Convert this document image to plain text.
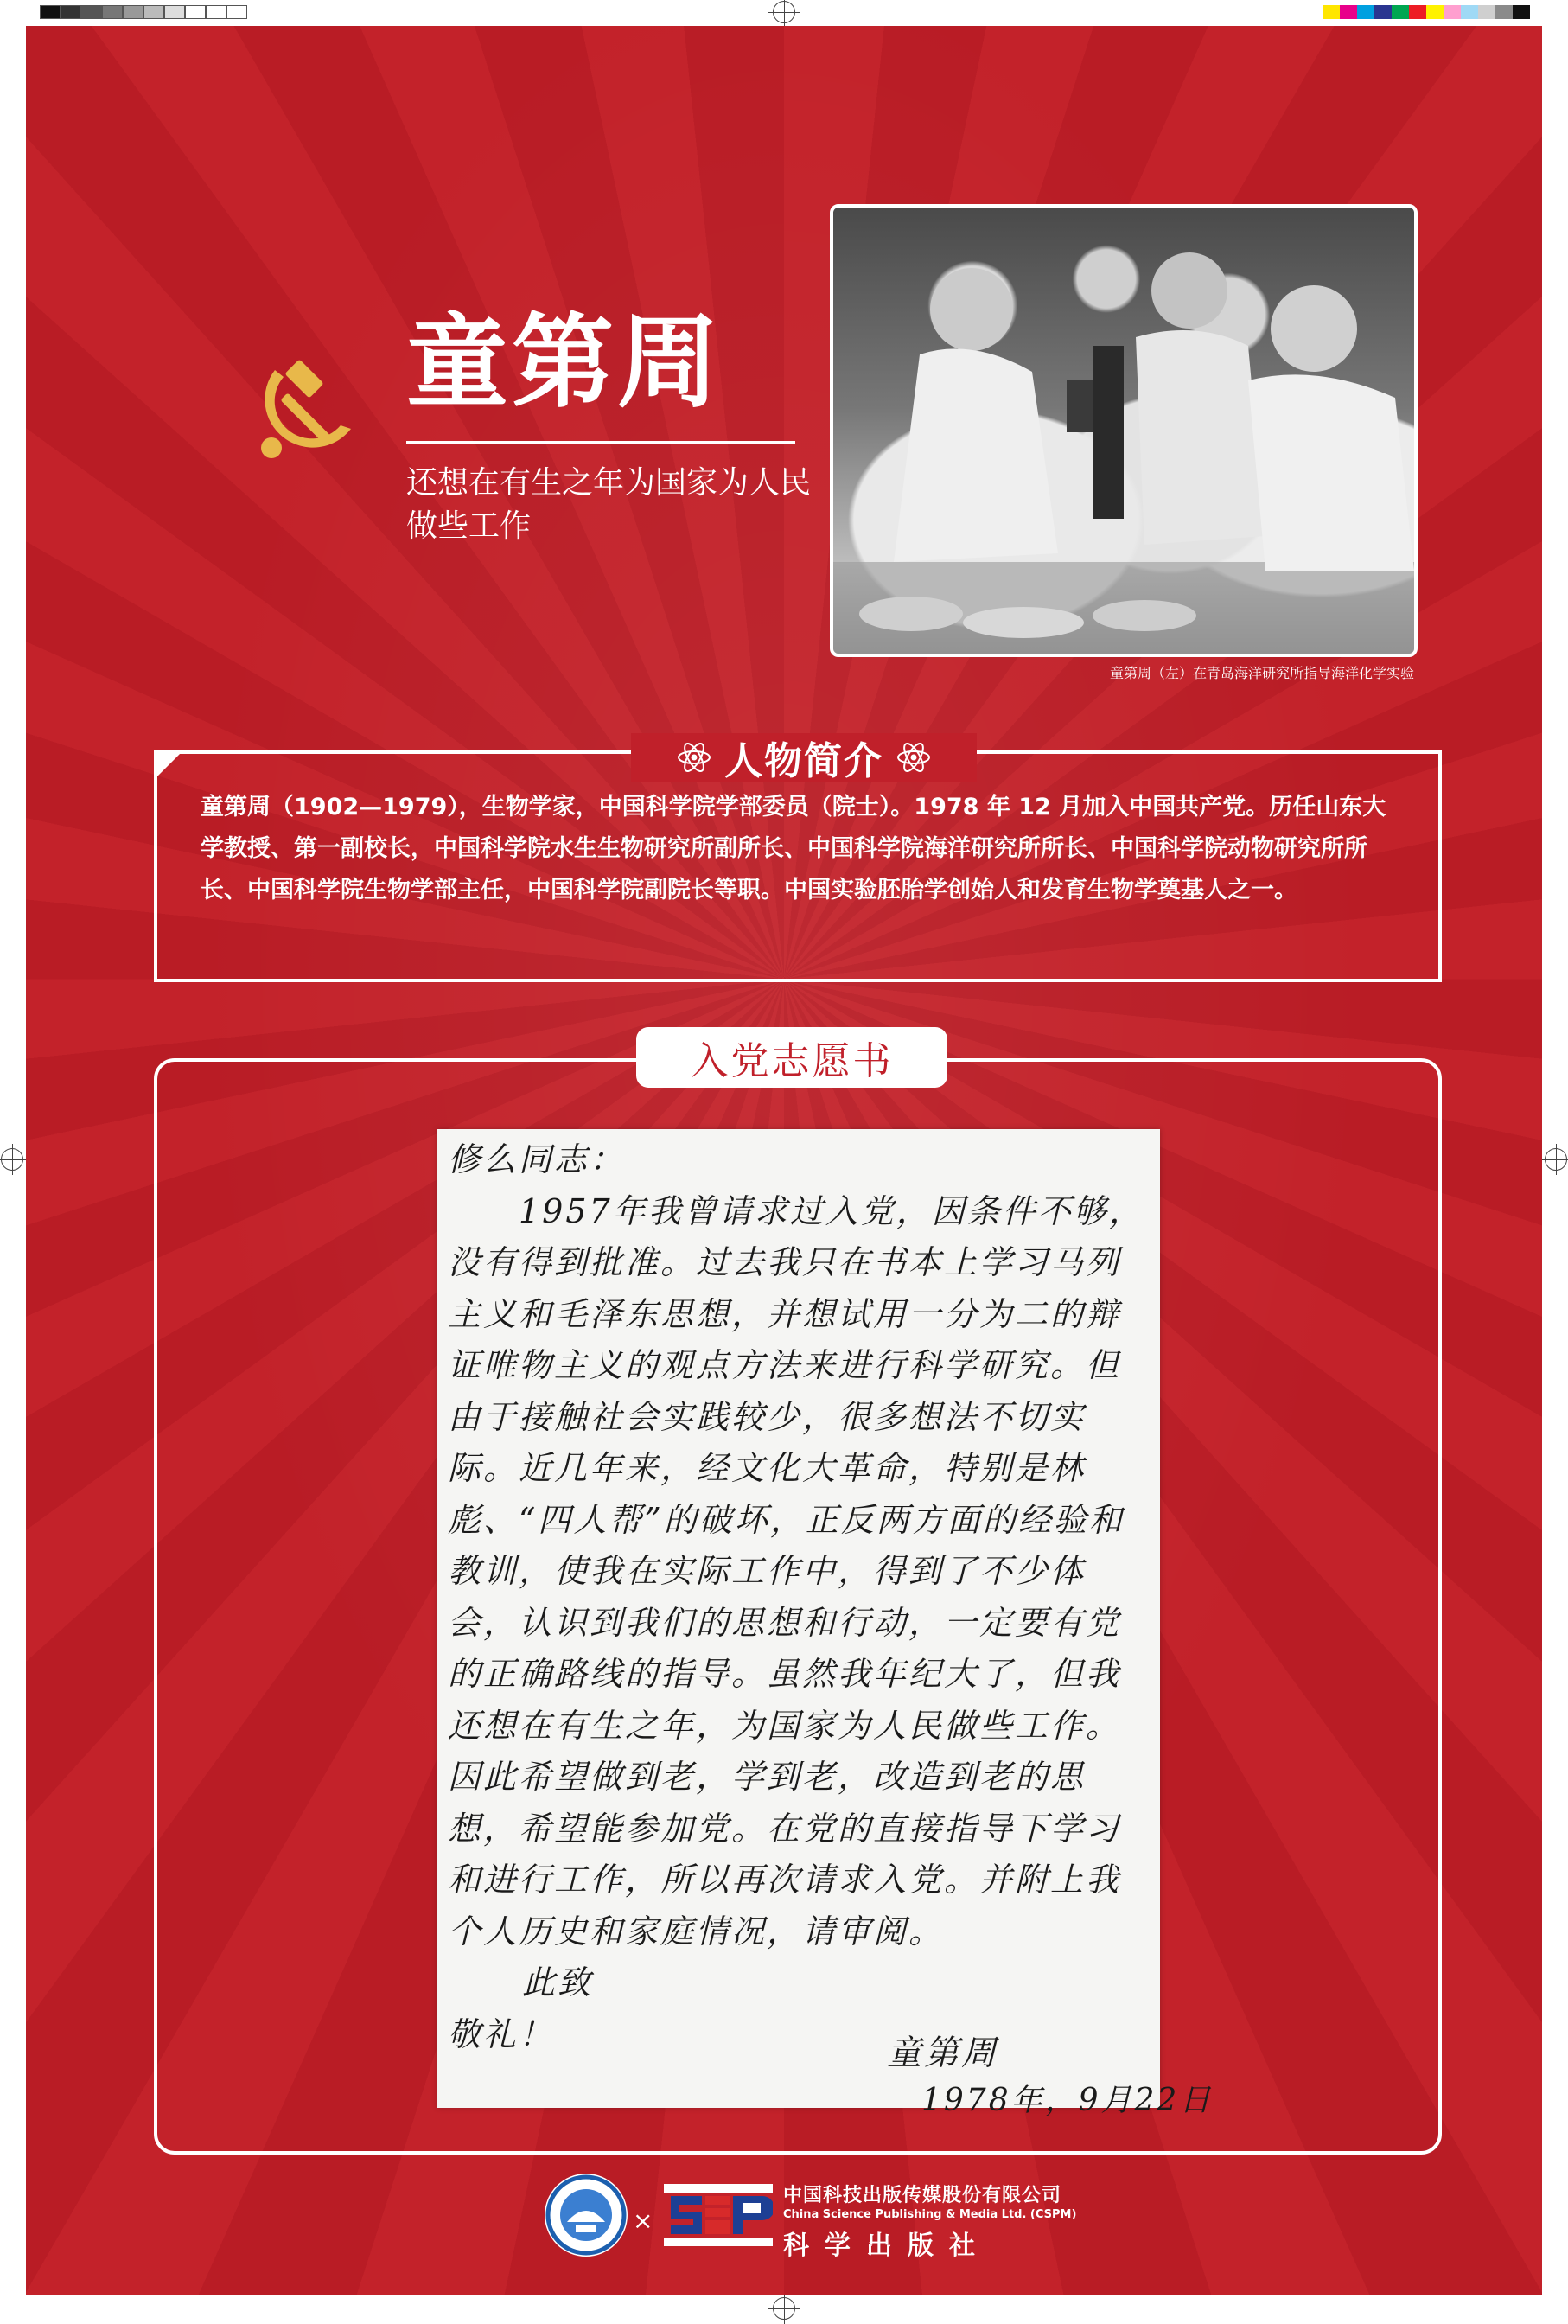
童第周

还想在有生之年为国家为人民做些工作

童第周（左）在青岛海洋研究所指导海洋化学实验

人物简介

童第周（1902—1979），生物学家，中国科学院学部委员（院士）。1978 年 12 月加入中国共产党。历任山东大学教授、第一副校长，中国科学院水生生物研究所副所长、中国科学院海洋研究所所长、中国科学院动物研究所所长、中国科学院生物学部主任，中国科学院副院长等职。中国实验胚胎学创始人和发育生物学奠基人之一。

入党志愿书
修么同志：
1957年我曾请求过入党，因条件不够，没有得到批准。过去我只在书本上学习马列主义和毛泽东思想，并想试用一分为二的辩证唯物主义的观点方法来进行科学研究。但由于接触社会实践较少，很多想法不切实际。近几年来，经文化大革命，特别是林彪、“四人帮”的破坏，正反两方面的经验和教训，使我在实际工作中，得到了不少体会，认识到我们的思想和行动，一定要有党的正确路线的指导。虽然我年纪大了，但我还想在有生之年，为国家为人民做些工作。因此希望做到老，学到老，改造到老的思想，希望能参加党。在党的直接指导下学习和进行工作，所以再次请求入党。并附上我个人历史和家庭情况，请审阅。
此致
敬礼！	童第周
1978年，9月22日
×

中国科技出版传媒股份有限公司

China Science Publishing & Media Ltd. (CSPM)

科学出版社
